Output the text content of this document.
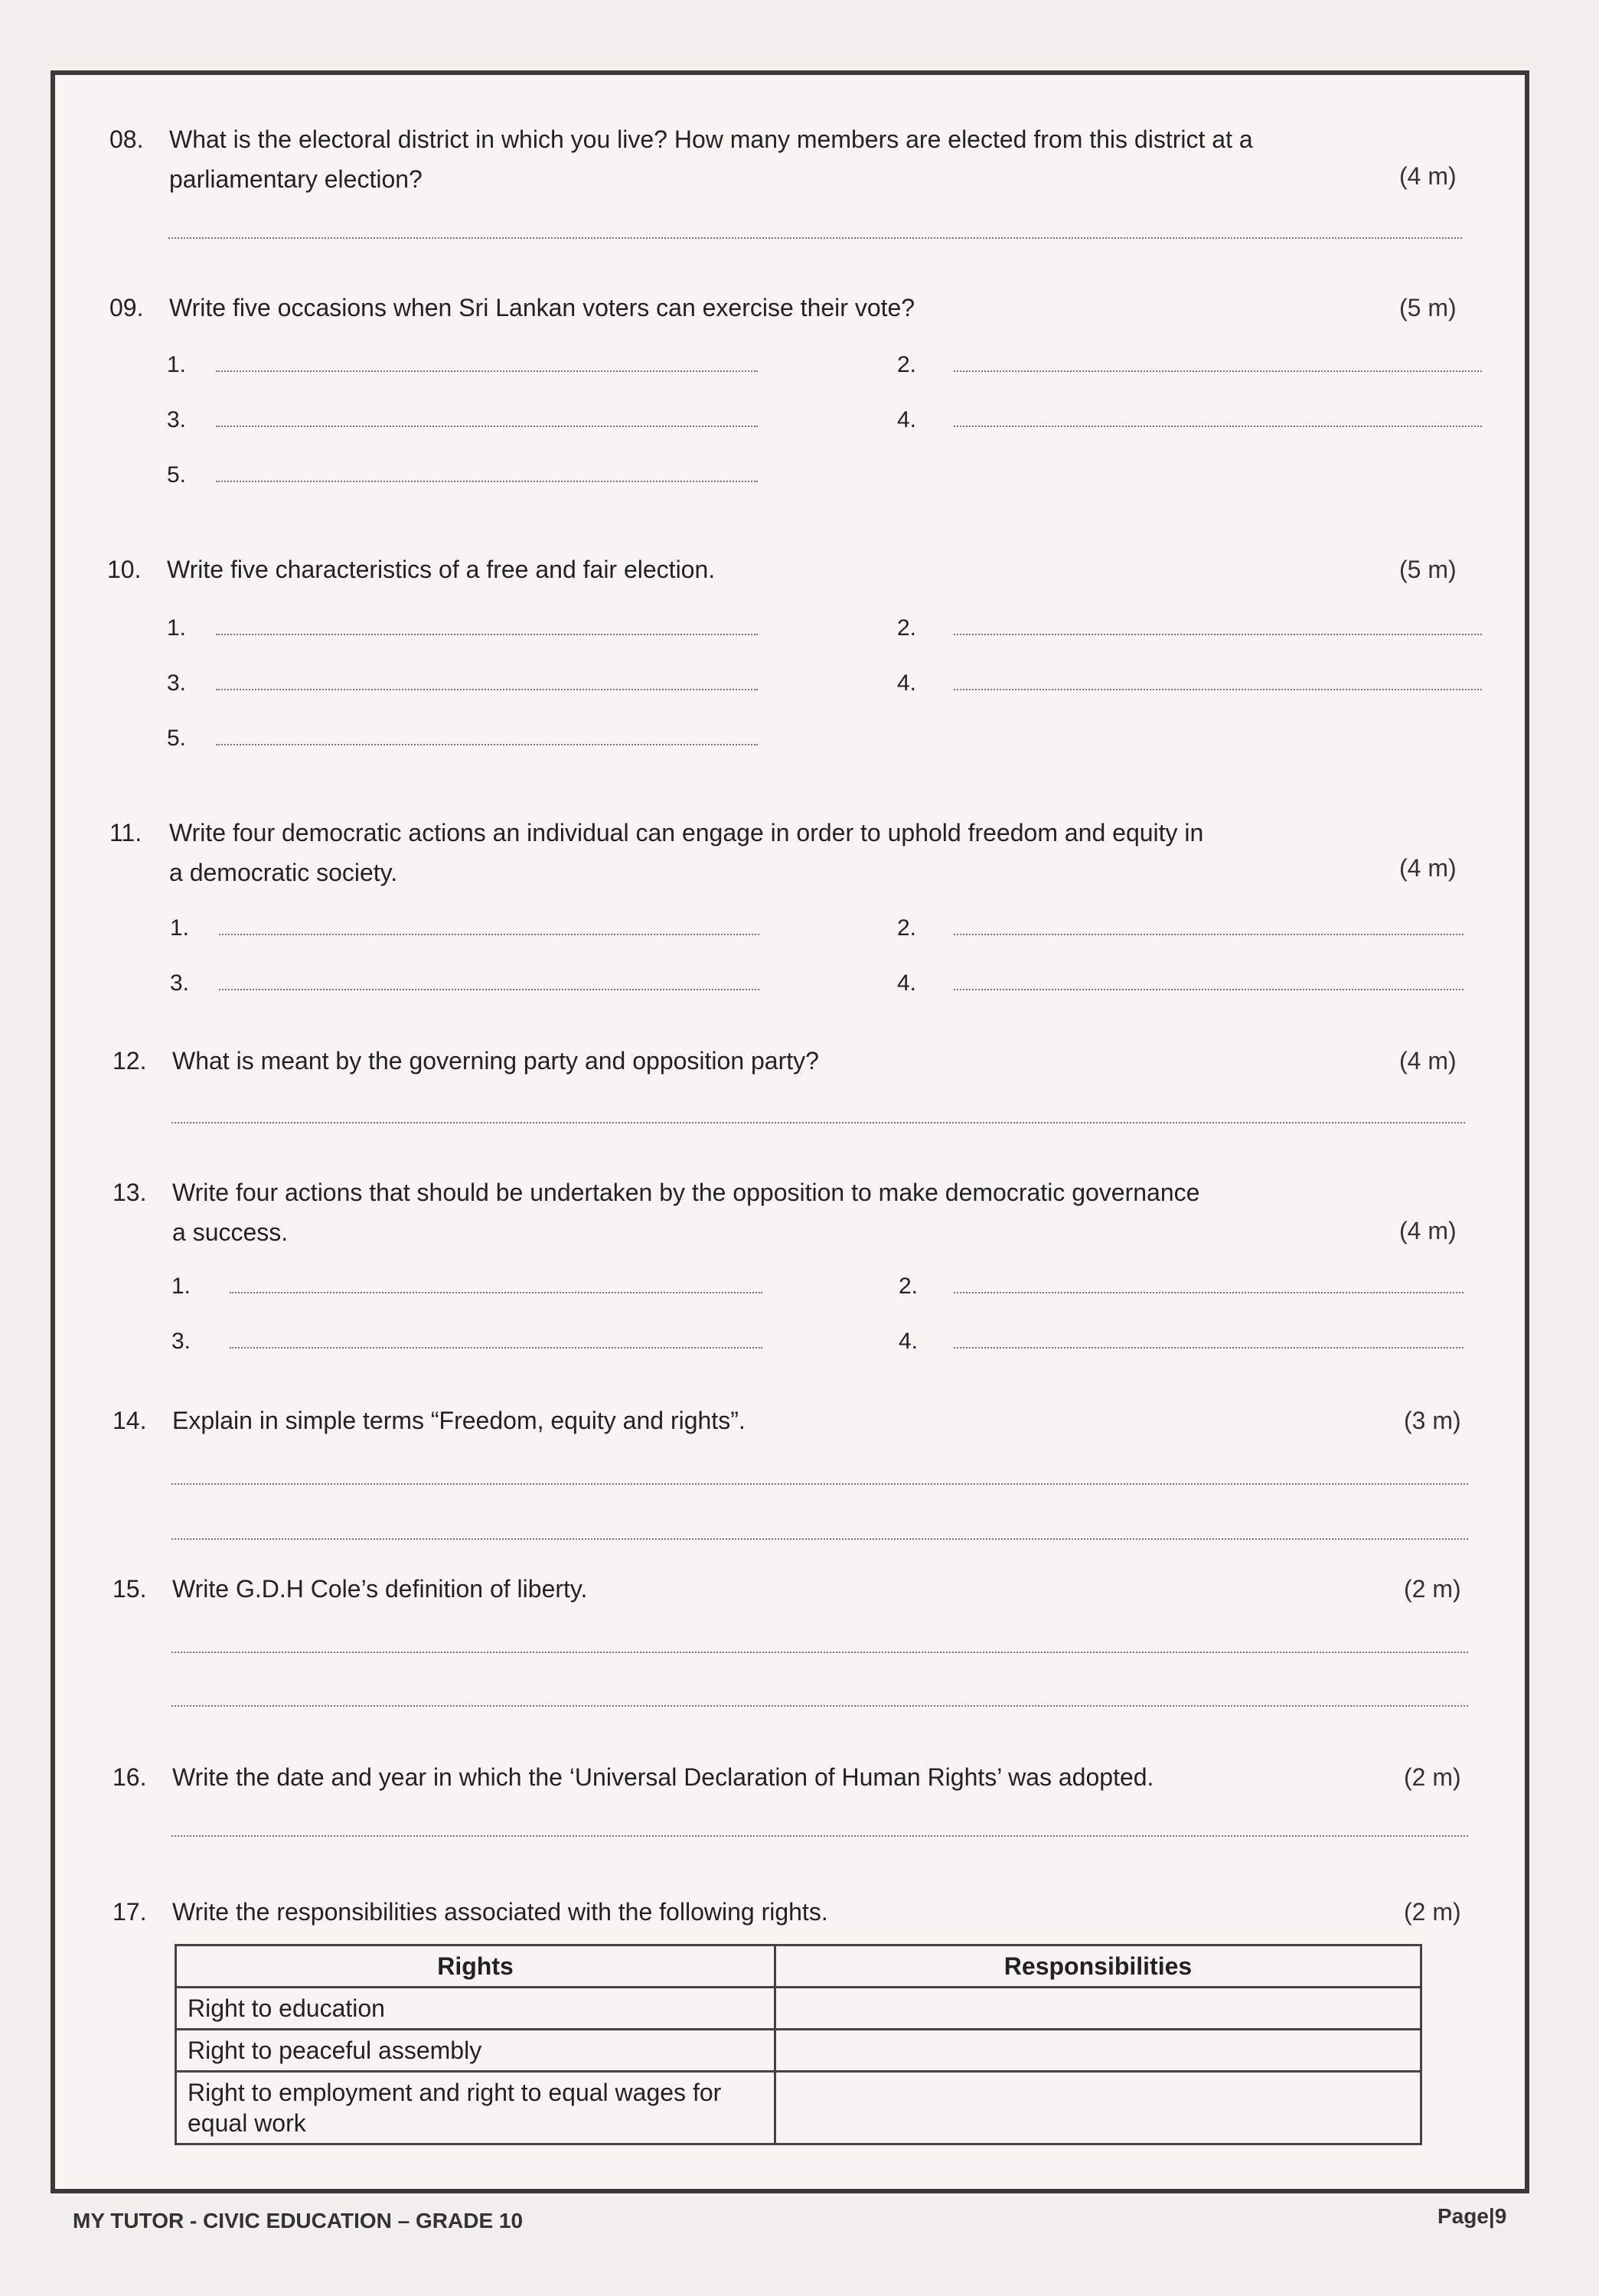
08. What is the electoral district in which you live? How many members are elected from this district at a
parliamentary election?	(4 m)
09. Write five occasions when Sri Lankan voters can exercise their vote?	(5 m)
1.	2.
3.	4.
5.
10. Write five characteristics of a free and fair election.	(5 m)
1.	2.
3.	4.
5.
11. Write four democratic actions an individual can engage in order to uphold freedom and equity in
a democratic society.	(4 m)
1.	2.
3.	4.
12. What is meant by the governing party and opposition party?	(4 m)
13. Write four actions that should be undertaken by the opposition to make democratic governance
a success.	(4 m)
1.	2.
3.	4.
14. Explain in simple terms “Freedom, equity and rights”.	(3 m)
15. Write G.D.H Cole’s definition of liberty.	(2 m)
16. Write the date and year in which the ‘Universal Declaration of Human Rights’ was adopted.	(2 m)
17. Write the responsibilities associated with the following rights.	(2 m)
Rights	Responsibilities
Right to education	
Right to peaceful assembly	
Right to employment and right to equal wages for equal work	
MY TUTOR - CIVIC EDUCATION – GRADE 10	Page|9
